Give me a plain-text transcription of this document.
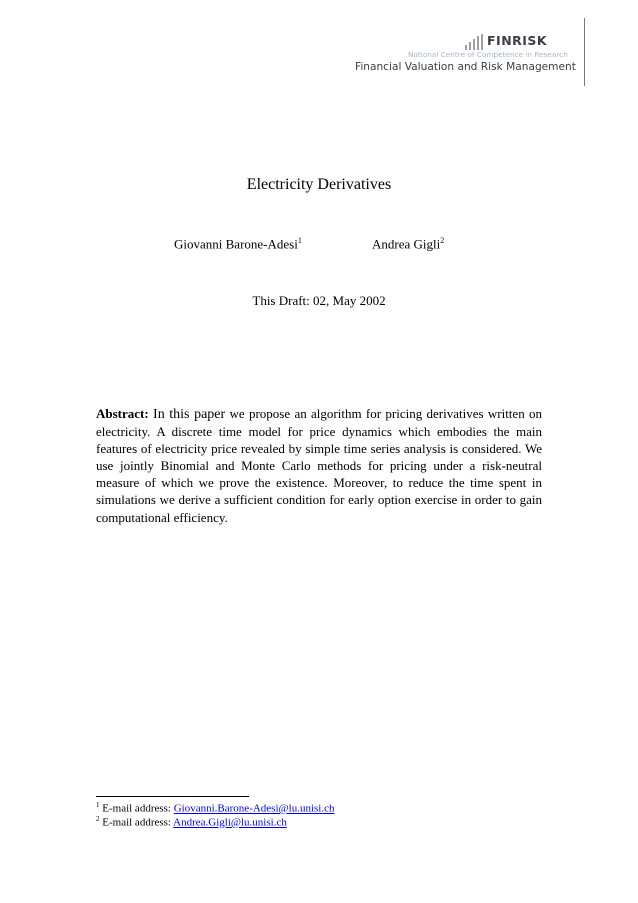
FINRISK
National Centre of Competence in Research
Financial Valuation and Risk Management
Electricity Derivatives
Giovanni Barone-Adesi$^1$	Andrea Gigli$^2$
This Draft: 02, May 2002
Abstract: In this paper we propose an algorithm for pricing derivatives written on electricity. A discrete time model for price dynamics which embodies the main features of electricity price revealed by simple time series analysis is considered. We use jointly Binomial and Monte Carlo methods for pricing under a risk-neutral measure of which we prove the existence. Moreover, to reduce the time spent in simulations we derive a sufficient condition for early option exercise in order to gain computational efficiency.
$^1$ E-mail address: Giovanni.Barone-Adesi@lu.unisi.ch
$^2$ E-mail address: Andrea.Gigli@lu.unisi.ch
